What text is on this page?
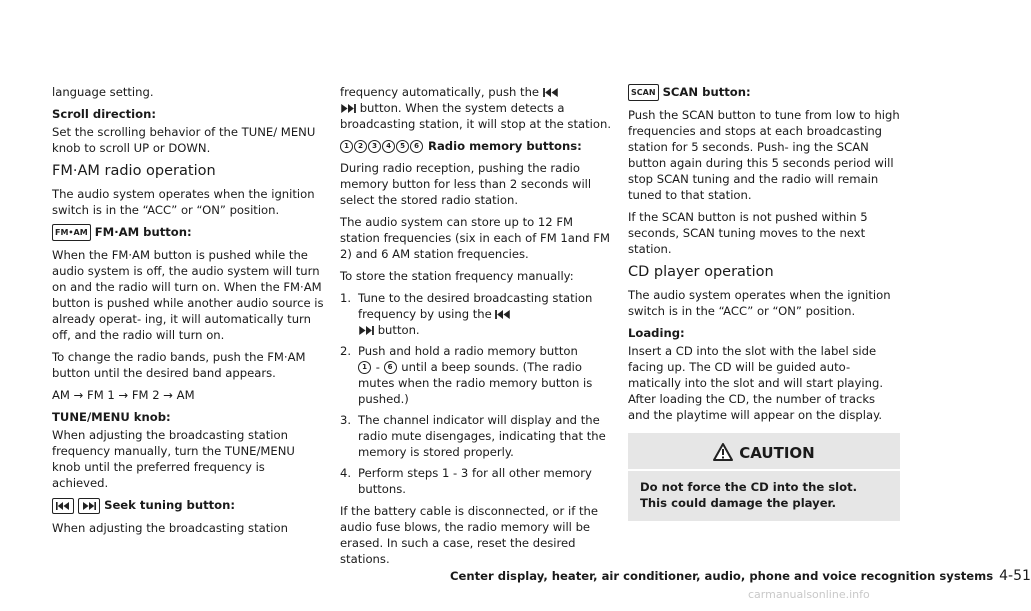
language setting.

Scroll direction:

Set the scrolling behavior of the TUNE/ MENU knob to scroll UP or DOWN.

FM·AM radio operation

The audio system operates when the ignition switch is in the “ACC” or “ON” position.

FM•AM FM·AM button:

When the FM·AM button is pushed while the audio system is off, the audio system will turn on and the radio will turn on. When the FM·AM button is pushed while another audio source is already operat- ing, it will automatically turn off, and the radio will turn on.

To change the radio bands, push the FM·AM button until the desired band appears.

AM → FM 1 → FM 2 → AM

TUNE/MENU knob:

When adjusting the broadcasting station frequency manually, turn the TUNE/MENU knob until the preferred frequency is achieved.

Seek tuning button:

When adjusting the broadcasting station

frequency automatically, push the
button. When the system detects a broadcasting station, it will stop at the station.

1 2 3 4 5 6 Radio memory buttons:

During radio reception, pushing the radio memory button for less than 2 seconds will select the stored radio station.

The audio system can store up to 12 FM station frequencies (six in each of FM 1and FM 2) and 6 AM station frequencies.

To store the station frequency manually:

1. Tune to the desired broadcasting station frequency by using the
button.
2. Push and hold a radio memory button
1 - 6 until a beep sounds. (The radio mutes when the radio memory button is pushed.)
3. The channel indicator will display and the radio mute disengages, indicating that the memory is stored properly.
4. Perform steps 1 - 3 for all other memory buttons.

If the battery cable is disconnected, or if the audio fuse blows, the radio memory will be erased. In such a case, reset the desired stations.

SCAN SCAN button:

Push the SCAN button to tune from low to high frequencies and stops at each broadcasting station for 5 seconds. Push- ing the SCAN button again during this 5 seconds period will stop SCAN tuning and the radio will remain tuned to that station.

If the SCAN button is not pushed within 5 seconds, SCAN tuning moves to the next station.

CD player operation

The audio system operates when the ignition switch is in the “ACC” or “ON” position.

Loading:

Insert a CD into the slot with the label side facing up. The CD will be guided auto- matically into the slot and will start playing. After loading the CD, the number of tracks and the playtime will appear on the display.

CAUTION
Do not force the CD into the slot. This could damage the player.
Center display, heater, air conditioner, audio, phone and voice recognition systems 4-51
carmanualsonline.info
